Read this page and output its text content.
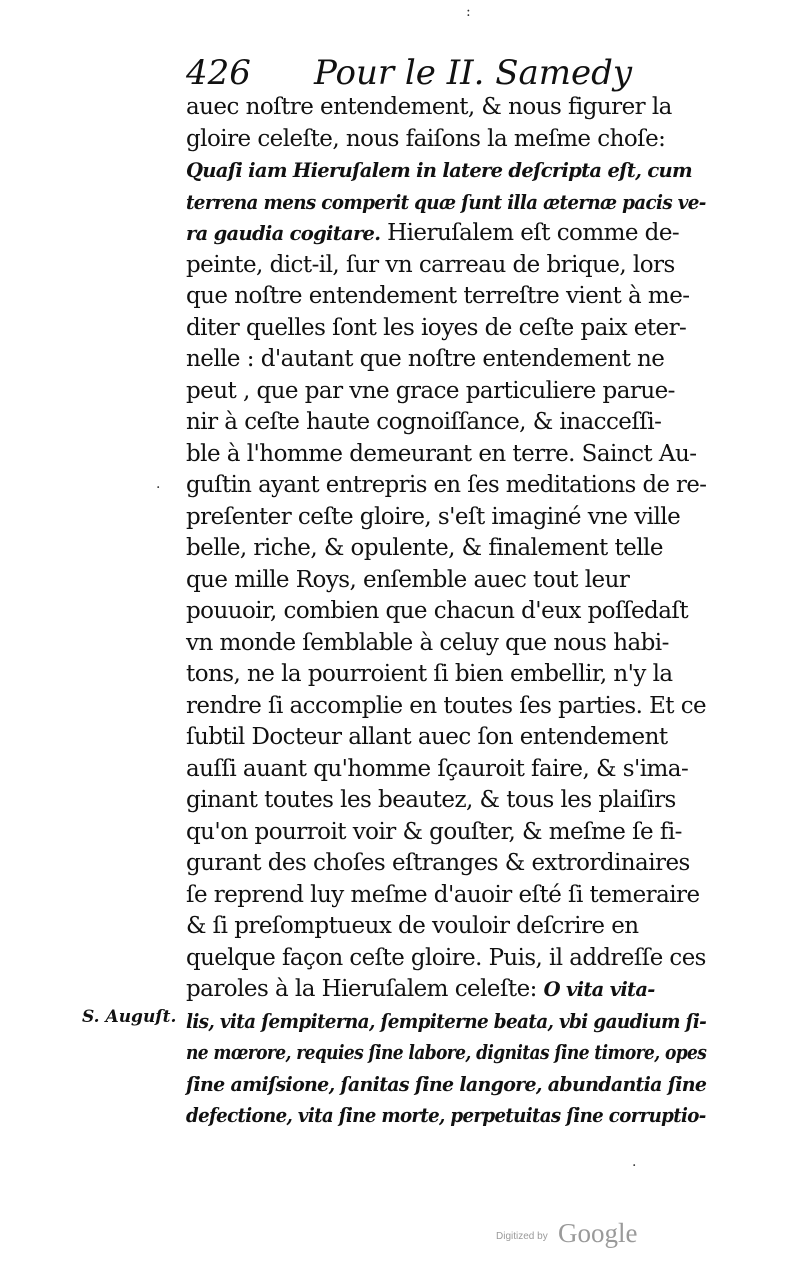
:
·
·
426 Pour le II. Samedy
auec noſtre entendement, & nous figurer la
gloire celeſte, nous faiſons la meſme choſe:
Quaſi iam Hieruſalem in latere deſcripta eſt, cum
terrena mens comperit quæ ſunt illa æternæ pacis ve-
ra gaudia cogitare. Hieruſalem eſt comme de-
peinte, dict-il, ſur vn carreau de brique, lors
que noſtre entendement terreſtre vient à me-
diter quelles ſont les ioyes de ceſte paix eter-
nelle : d'autant que noſtre entendement ne
peut , que par vne grace particuliere parue-
nir à ceſte haute cognoiſſance, & inacceſſi-
ble à l'homme demeurant en terre. Sainct Au-
guſtin ayant entrepris en ſes meditations de re-
preſenter ceſte gloire, s'eſt imaginé vne ville
belle, riche, & opulente, & finalement telle
que mille Roys, enſemble auec tout leur
pouuoir, combien que chacun d'eux poſſedaſt
vn monde ſemblable à celuy que nous habi-
tons, ne la pourroient ſi bien embellir, n'y la
rendre ſi accomplie en toutes ſes parties. Et ce
ſubtil Docteur allant auec ſon entendement
auſſi auant qu'homme ſçauroit faire, & s'ima-
ginant toutes les beautez, & tous les plaiſirs
qu'on pourroit voir & gouſter, & meſme ſe fi-
gurant des choſes eſtranges & extrordinaires
ſe reprend luy meſme d'auoir eſté ſi temeraire
& ſi preſomptueux de vouloir deſcrire en
quelque façon ceſte gloire. Puis, il addreſſe ces
paroles à la Hieruſalem celeſte: O vita vita-
lis, vita ſempiterna, ſempiterne beata, vbi gaudium ſi-
ne mœrore, requies ſine labore, dignitas ſine timore, opes
ſine amiſsione, ſanitas ſine langore, abundantia ſine
defectione, vita ſine morte, perpetuitas ſine corruptio-
S. Auguſt.
Digitized by Google
